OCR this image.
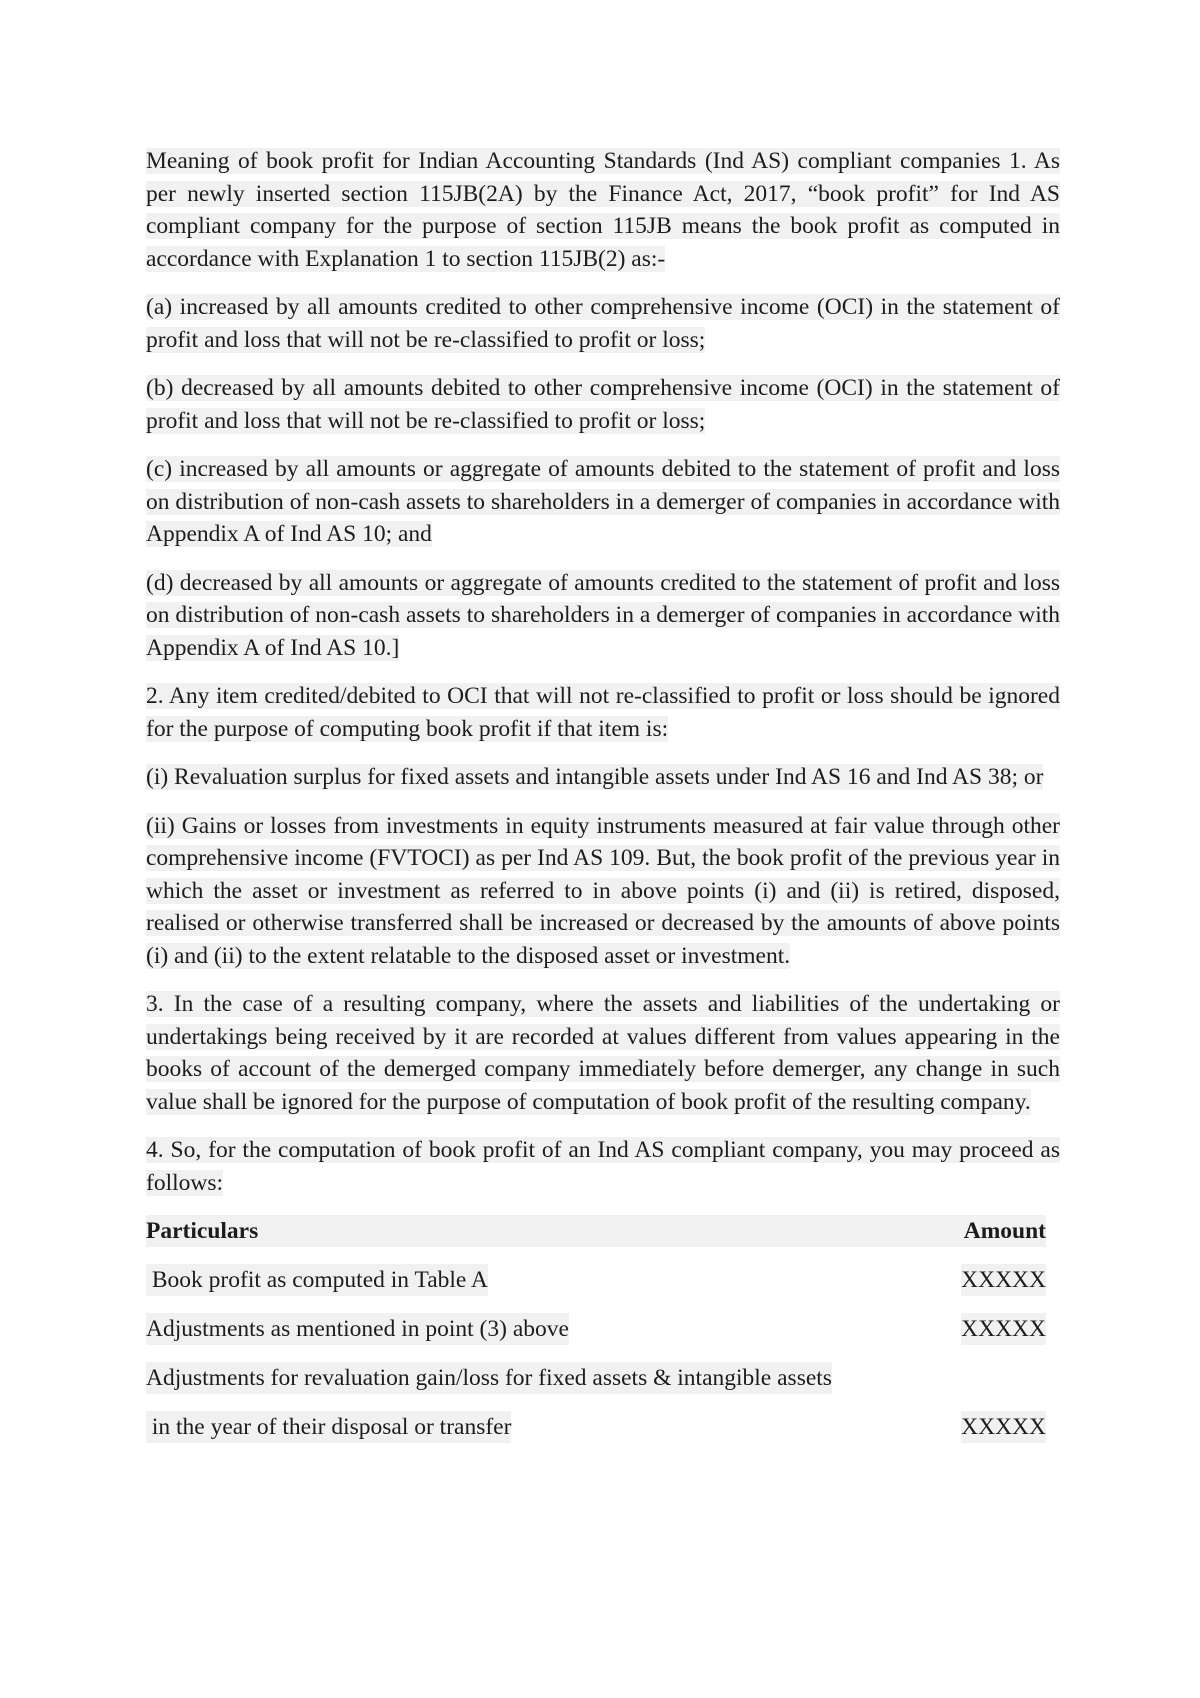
Meaning of book profit for Indian Accounting Standards (Ind AS) compliant companies 1. As per newly inserted section 115JB(2A) by the Finance Act, 2017, “book profit” for Ind AS compliant company for the purpose of section 115JB means the book profit as computed in accordance with Explanation 1 to section 115JB(2) as:-

(a) increased by all amounts credited to other comprehensive income (OCI) in the statement of profit and loss that will not be re-classified to profit or loss;

(b) decreased by all amounts debited to other comprehensive income (OCI) in the statement of profit and loss that will not be re-classified to profit or loss;

(c) increased by all amounts or aggregate of amounts debited to the statement of profit and loss on distribution of non-cash assets to shareholders in a demerger of companies in accordance with Appendix A of Ind AS 10; and

(d) decreased by all amounts or aggregate of amounts credited to the statement of profit and loss on distribution of non-cash assets to shareholders in a demerger of companies in accordance with Appendix A of Ind AS 10.]

2. Any item credited/debited to OCI that will not re-classified to profit or loss should be ignored for the purpose of computing book profit if that item is:

(i) Revaluation surplus for fixed assets and intangible assets under Ind AS 16 and Ind AS 38; or

(ii) Gains or losses from investments in equity instruments measured at fair value through other comprehensive income (FVTOCI) as per Ind AS 109. But, the book profit of the previous year in which the asset or investment as referred to in above points (i) and (ii) is retired, disposed, realised or otherwise transferred shall be increased or decreased by the amounts of above points (i) and (ii) to the extent relatable to the disposed asset or investment.

3. In the case of a resulting company, where the assets and liabilities of the undertaking or undertakings being received by it are recorded at values different from values appearing in the books of account of the demerged company immediately before demerger, any change in such value shall be ignored for the purpose of computation of book profit of the resulting company.

4. So, for the computation of book profit of an Ind AS compliant company, you may proceed as follows:

Particulars	Amount
Book profit as computed in Table A	XXXXX
Adjustments as mentioned in point (3) above	XXXXX
Adjustments for revaluation gain/loss for fixed assets & intangible assets
in the year of their disposal or transfer	XXXXX
